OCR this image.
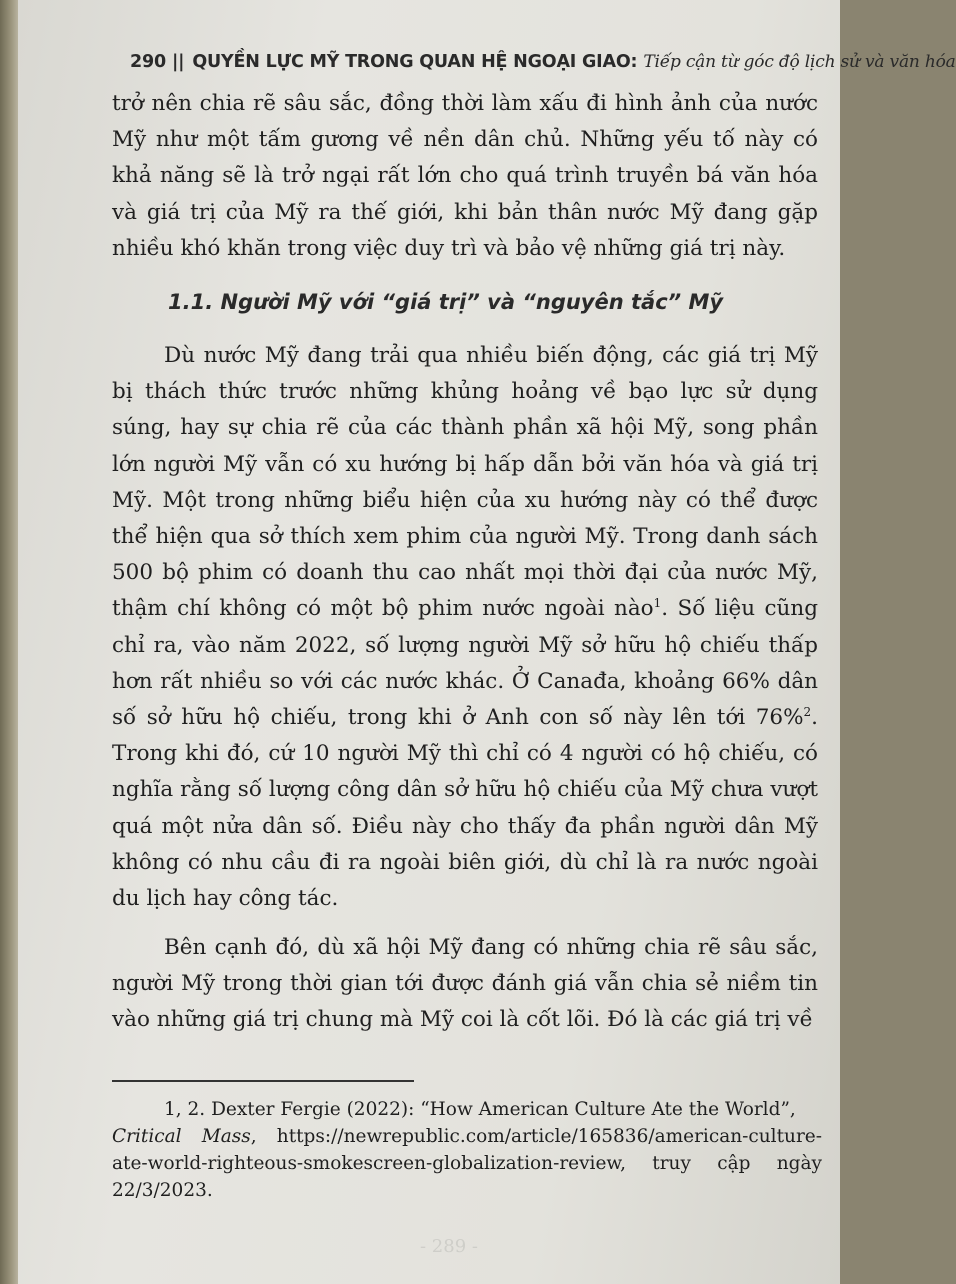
290 || QUYỀN LỰC MỸ TRONG QUAN HỆ NGOẠI GIAO: Tiếp cận từ góc độ lịch sử và văn hóa

trở nên chia rẽ sâu sắc, đồng thời làm xấu đi hình ảnh của nước Mỹ như một tấm gương về nền dân chủ. Những yếu tố này có khả năng sẽ là trở ngại rất lớn cho quá trình truyền bá văn hóa và giá trị của Mỹ ra thế giới, khi bản thân nước Mỹ đang gặp nhiều khó khăn trong việc duy trì và bảo vệ những giá trị này.

1.1. Người Mỹ với “giá trị” và “nguyên tắc” Mỹ

Dù nước Mỹ đang trải qua nhiều biến động, các giá trị Mỹ bị thách thức trước những khủng hoảng về bạo lực sử dụng súng, hay sự chia rẽ của các thành phần xã hội Mỹ, song phần lớn người Mỹ vẫn có xu hướng bị hấp dẫn bởi văn hóa và giá trị Mỹ. Một trong những biểu hiện của xu hướng này có thể được thể hiện qua sở thích xem phim của người Mỹ. Trong danh sách 500 bộ phim có doanh thu cao nhất mọi thời đại của nước Mỹ, thậm chí không có một bộ phim nước ngoài nào$^1$. Số liệu cũng chỉ ra, vào năm 2022, số lượng người Mỹ sở hữu hộ chiếu thấp hơn rất nhiều so với các nước khác. Ở Canađa, khoảng 66% dân số sở hữu hộ chiếu, trong khi ở Anh con số này lên tới 76%$^2$. Trong khi đó, cứ 10 người Mỹ thì chỉ có 4 người có hộ chiếu, có nghĩa rằng số lượng công dân sở hữu hộ chiếu của Mỹ chưa vượt quá một nửa dân số. Điều này cho thấy đa phần người dân Mỹ không có nhu cầu đi ra ngoài biên giới, dù chỉ là ra nước ngoài du lịch hay công tác.

Bên cạnh đó, dù xã hội Mỹ đang có những chia rẽ sâu sắc, người Mỹ trong thời gian tới được đánh giá vẫn chia sẻ niềm tin vào những giá trị chung mà Mỹ coi là cốt lõi. Đó là các giá trị về

1, 2. Dexter Fergie (2022): “How American Culture Ate the World”,
Critical Mass, https://newrepublic.com/article/165836/american-culture-ate-world-righteous-smokescreen-globalization-review, truy cập ngày 22/3/2023.

- 289 -
